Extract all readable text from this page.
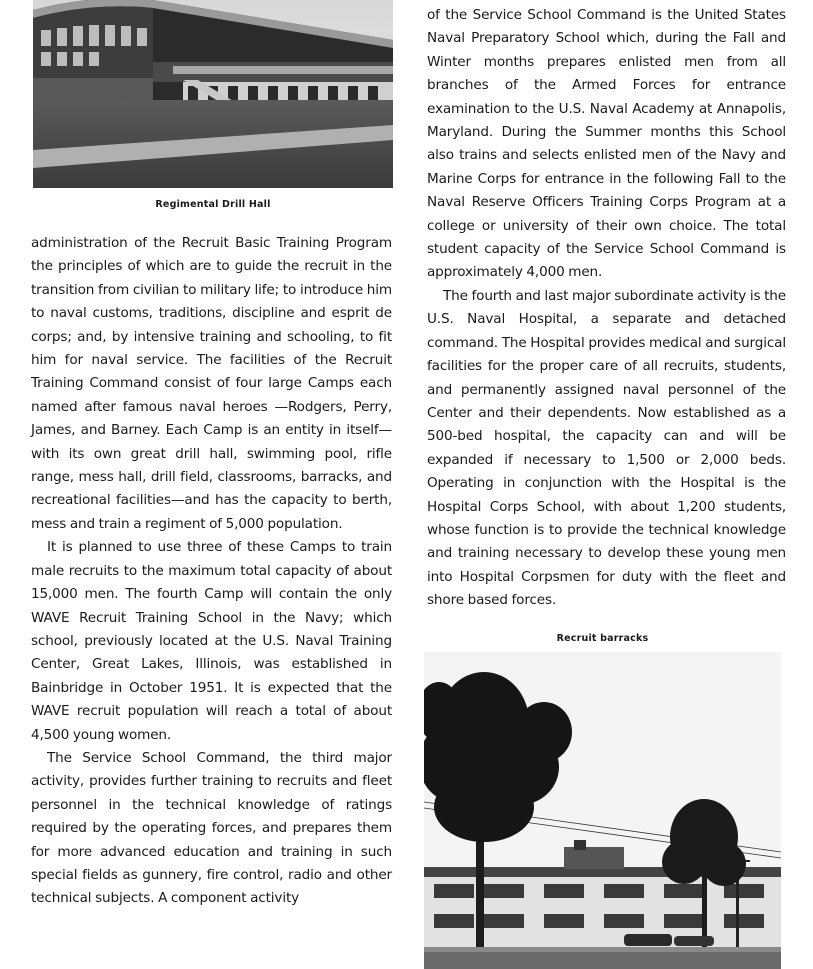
Regimental Drill Hall

administration of the Recruit Basic Training Program the principles of which are to guide the recruit in the transition from civilian to military life; to introduce him to naval customs, traditions, discipline and esprit de corps; and, by intensive training and schooling, to fit him for naval service. The facilities of the Recruit Training Command consist of four large Camps each named after famous naval heroes —Rodgers, Perry, James, and Barney. Each Camp is an entity in itself—with its own great drill hall, swimming pool, rifle range, mess hall, drill field, classrooms, barracks, and recreational facilities—and has the capacity to berth, mess and train a regiment of 5,000 population.

It is planned to use three of these Camps to train male recruits to the maximum total capacity of about 15,000 men. The fourth Camp will contain the only WAVE Recruit Training School in the Navy; which school, previously located at the U.S. Naval Training Center, Great Lakes, Illinois, was established in Bainbridge in October 1951. It is expected that the WAVE recruit population will reach a total of about 4,500 young women.

The Service School Command, the third major activity, provides further training to recruits and fleet personnel in the technical knowledge of ratings required by the operating forces, and prepares them for more advanced education and training in such special fields as gunnery, fire control, radio and other technical subjects. A component activity

of the Service School Command is the United States Naval Preparatory School which, during the Fall and Winter months prepares enlisted men from all branches of the Armed Forces for entrance examination to the U.S. Naval Academy at Annapolis, Maryland. During the Summer months this School also trains and selects enlisted men of the Navy and Marine Corps for entrance in the following Fall to the Naval Reserve Officers Training Corps Program at a college or university of their own choice. The total student capacity of the Service School Command is approximately 4,000 men.

The fourth and last major subordinate activity is the U.S. Naval Hospital, a separate and detached command. The Hospital provides medical and surgical facilities for the proper care of all recruits, students, and permanently assigned naval personnel of the Center and their dependents. Now established as a 500-bed hospital, the capacity can and will be expanded if necessary to 1,500 or 2,000 beds. Operating in conjunction with the Hospital is the Hospital Corps School, with about 1,200 students, whose function is to provide the technical knowledge and training necessary to develop these young men into Hospital Corpsmen for duty with the fleet and shore based forces.

Recruit barracks
